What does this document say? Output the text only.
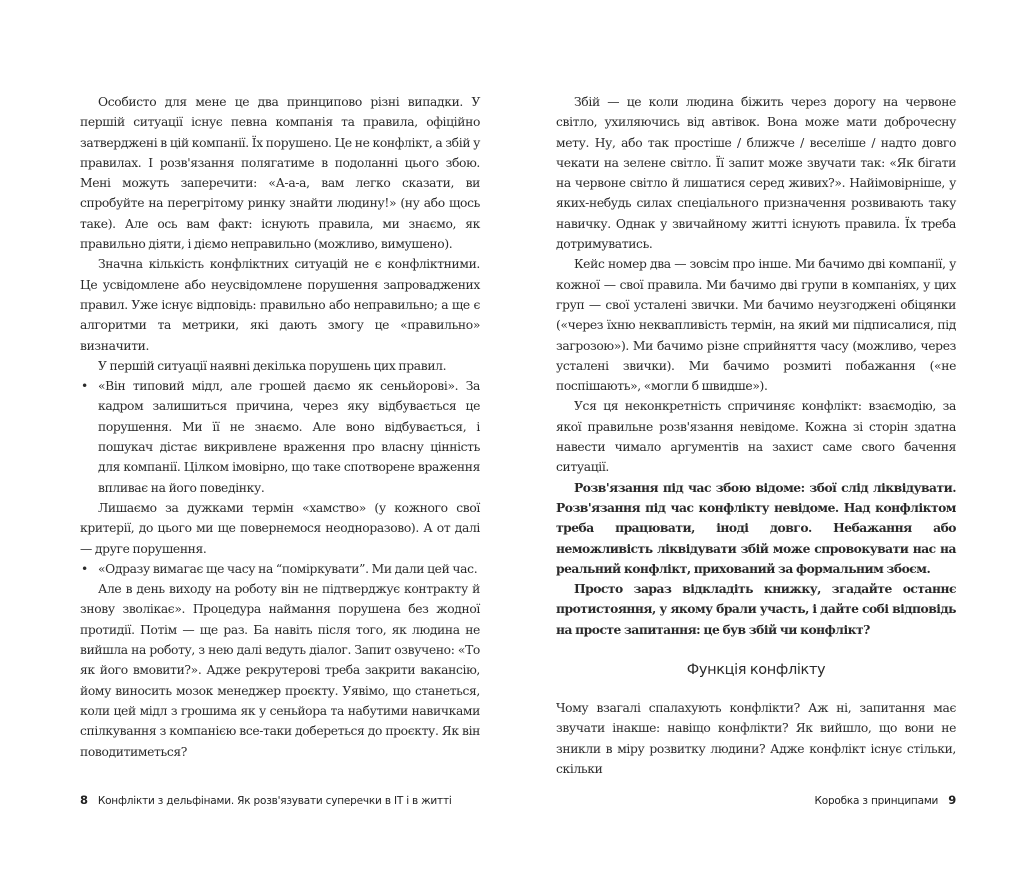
Особисто для мене це два принципово різні випадки. У першій ситуації існує певна компанія та правила, офіційно затверджені в цій компанії. Їх порушено. Це не конфлікт, а збій у правилах. І розв'язання полягатиме в подоланні цього збою. Мені можуть заперечити: «А-а-а, вам легко сказати, ви спробуйте на перегрітому ринку знайти людину!» (ну або щось таке). Але ось вам факт: існують правила, ми знаємо, як правильно діяти, і діємо неправильно (можливо, вимушено).

Значна кількість конфліктних ситуацій не є конфліктними. Це усвідомлене або неусвідомлене порушення запроваджених правил. Уже існує відповідь: правильно або неправильно; а ще є алгоритми та метрики, які дають змогу це «правильно» визначити.

У першій ситуації наявні декілька порушень цих правил.

• «Він типовий мідл, але грошей даємо як сеньйорові». За кадром залишиться причина, через яку відбувається це порушення. Ми її не знаємо. Але воно відбувається, і пошукач дістає викривлене враження про власну цінність для компанії. Цілком імовірно, що таке спотворене враження впливає на його поведінку.

Лишаємо за дужками термін «хамство» (у кожного свої критерії, до цього ми ще повернемося неодноразово). А от далі — друге порушення.

• «Одразу вимагає ще часу на “поміркувати”. Ми дали цей час.

Але в день виходу на роботу він не підтверджує контракту й знову зволікає». Процедура наймання порушена без жодної протидії. Потім — ще раз. Ба навіть після того, як людина не вийшла на роботу, з нею далі ведуть діалог. Запит озвучено: «То як його вмовити?». Адже рекрутерові треба закрити вакансію, йому виносить мозок менеджер проєкту. Уявімо, що станеться, коли цей мідл з грошима як у сеньйора та набутими навичками спілкування з компанією все-таки добереться до проєкту. Як він поводитиметься?

8 Конфлікти з дельфінами. Як розв'язувати суперечки в ІТ і в житті

Збій — це коли людина біжить через дорогу на червоне світло, ухиляючись від автівок. Вона може мати доброчесну мету. Ну, або так простіше / ближче / веселіше / надто довго чекати на зелене світло. Її запит може звучати так: «Як бігати на червоне світло й лишатися серед живих?». Найімовірніше, у яких-небудь силах спеціального призначення розвивають таку навичку. Однак у звичайному житті існують правила. Їх треба дотримуватись.

Кейс номер два — зовсім про інше. Ми бачимо дві компанії, у кожної — свої правила. Ми бачимо дві групи в компаніях, у цих груп — свої усталені звички. Ми бачимо неузгоджені обіцянки («через їхню неквапливість термін, на який ми підписалися, під загрозою»). Ми бачимо різне сприйняття часу (можливо, через усталені звички). Ми бачимо розмиті побажання («не поспішають», «могли б швидше»).

Уся ця неконкретність спричиняє конфлікт: взаємодію, за якої правильне розв'язання невідоме. Кожна зі сторін здатна навести чимало аргументів на захист саме свого бачення ситуації.

Розв'язання під час збою відоме: збої слід ліквідувати. Розв'язання під час конфлікту невідоме. Над конфліктом треба працювати, іноді довго. Небажання або неможливість ліквідувати збій може спровокувати нас на реальний конфлікт, прихований за формальним збоєм.

Просто зараз відкладіть книжку, згадайте останнє протистояння, у якому брали участь, і дайте собі відповідь на просте запитання: це був збій чи конфлікт?

Функція конфлікту

Чому взагалі спалахують конфлікти? Аж ні, запитання має звучати інакше: навіщо конфлікти? Як вийшло, що вони не зникли в міру розвитку людини? Адже конфлікт існує стільки, скільки

Коробка з принципами 9
